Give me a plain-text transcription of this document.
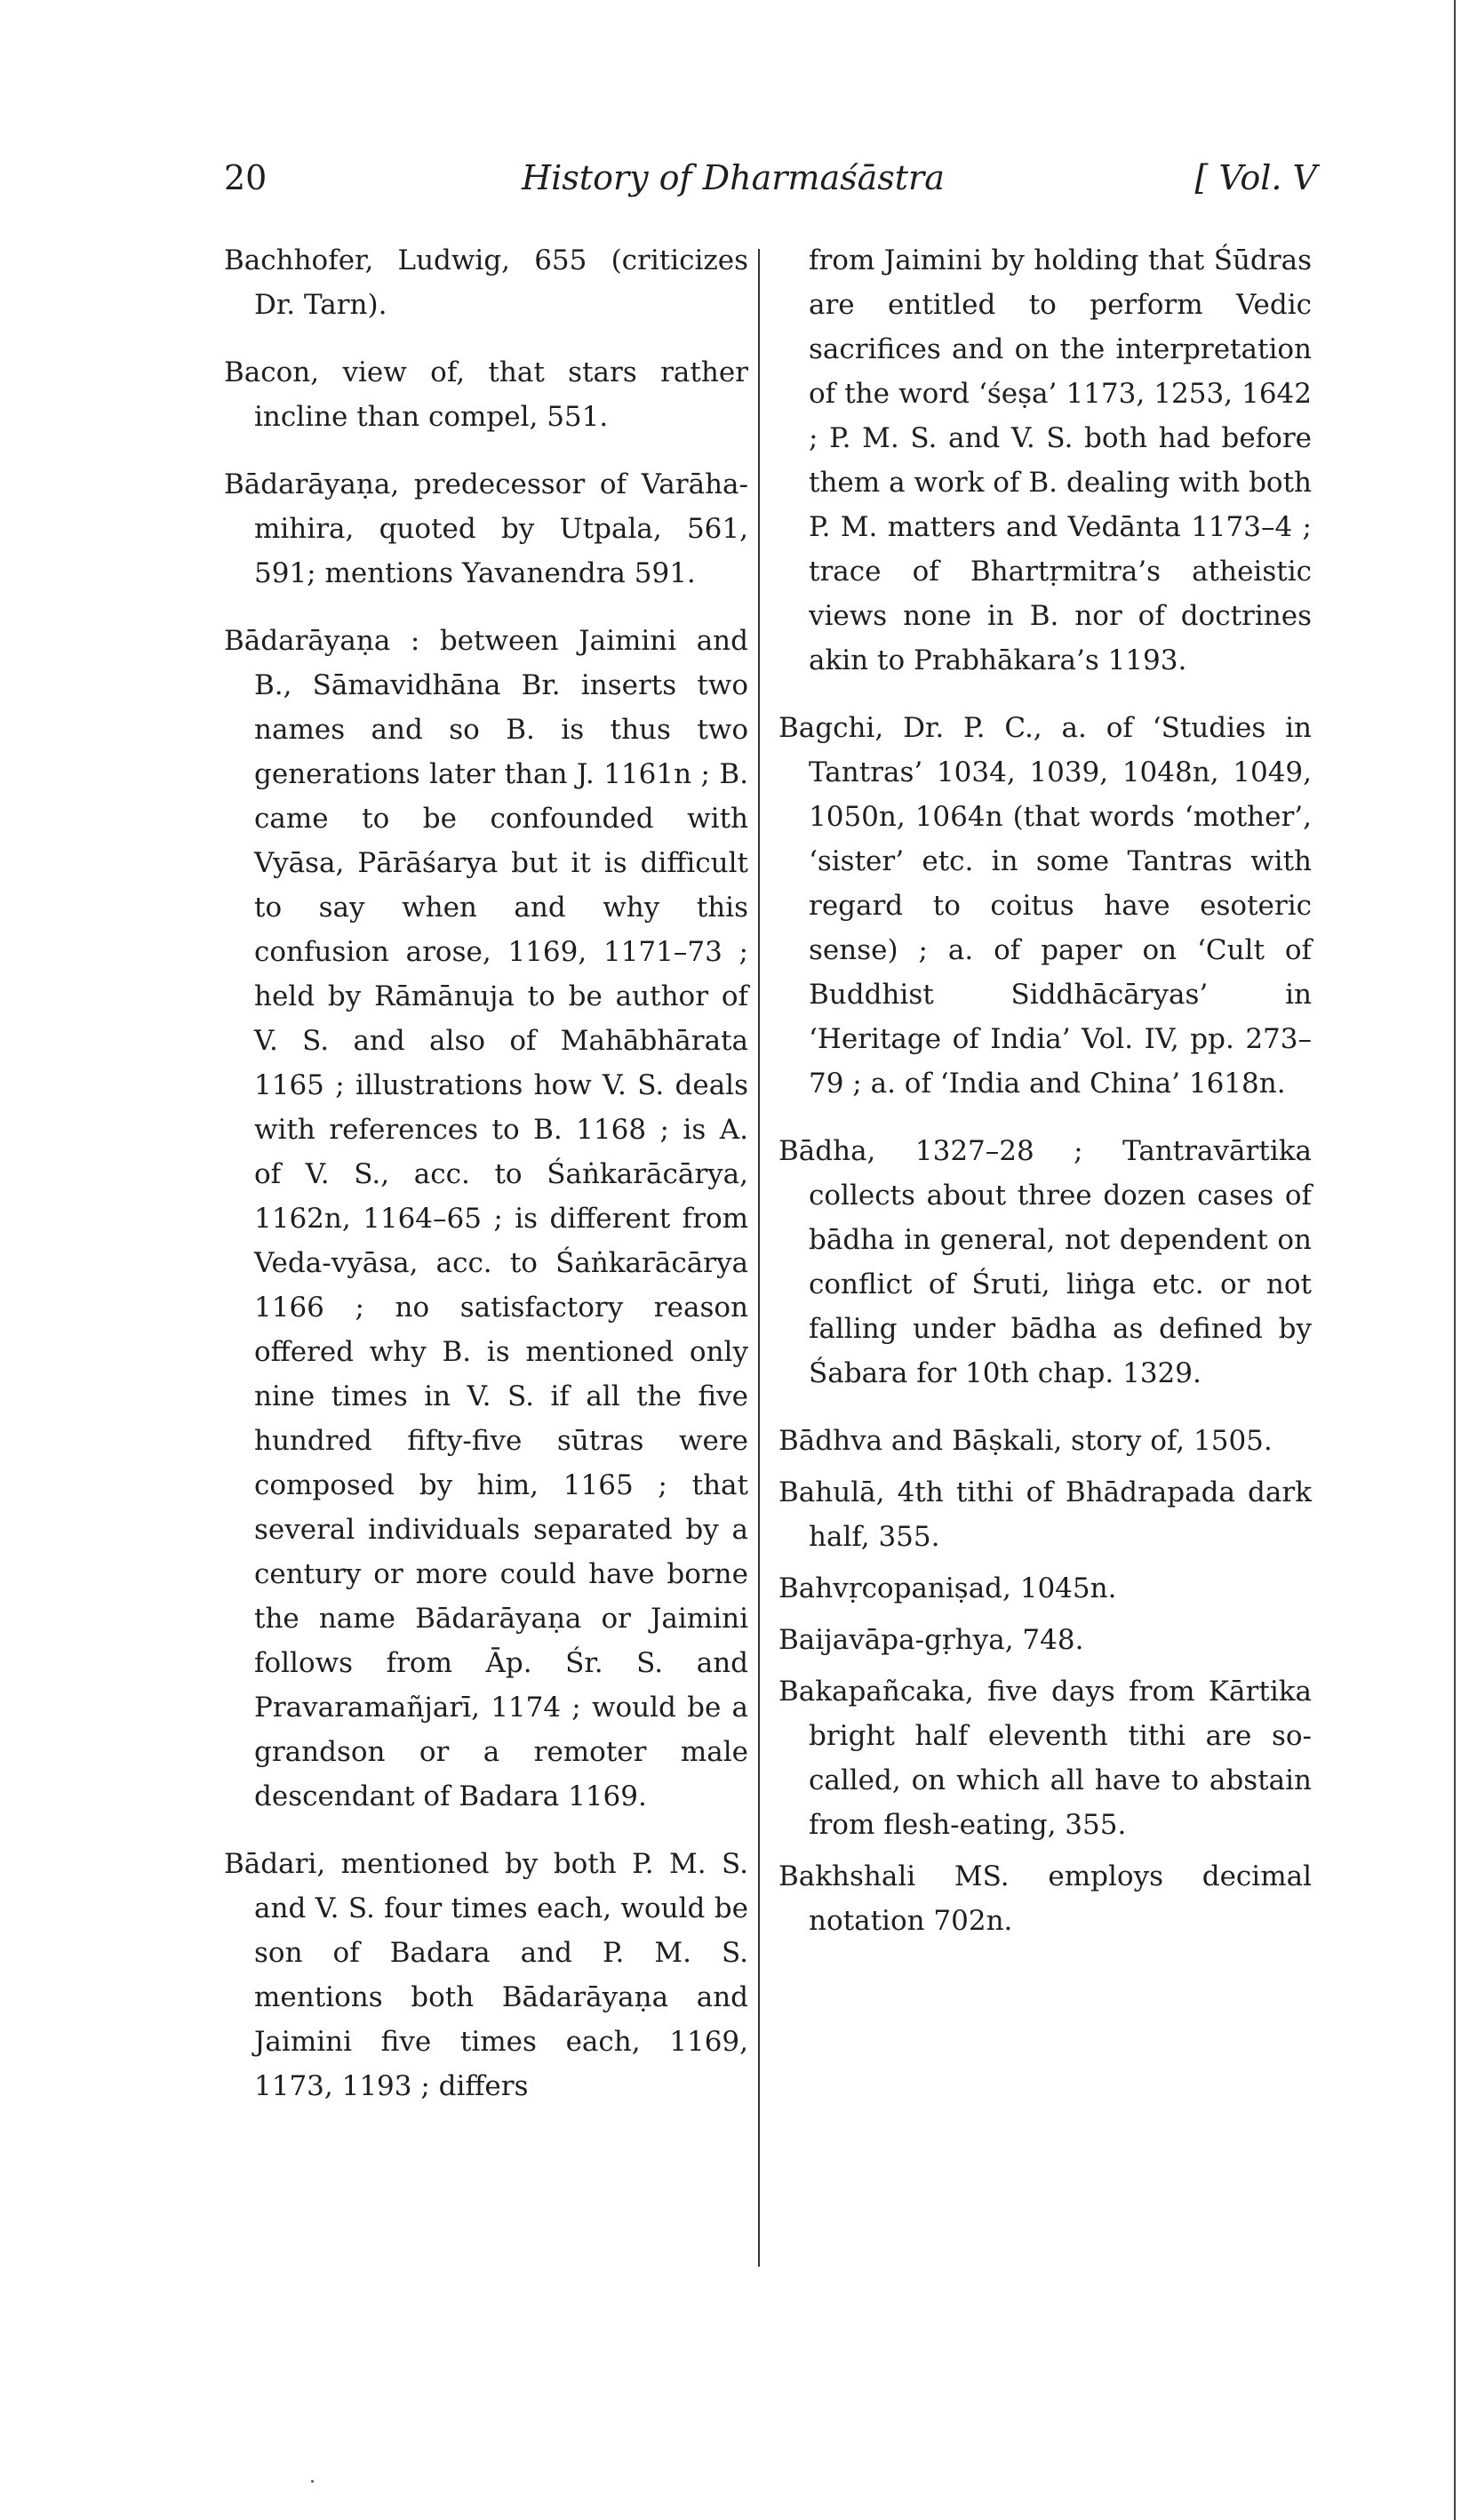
20	History of Dharmaśāstra	[ Vol. V

Bachhofer, Ludwig, 655 (criticizes Dr. Tarn).

Bacon, view of, that stars rather incline than compel, 551.

Bādarāyaṇa, predecessor of Varāha-mihira, quoted by Utpala, 561, 591; mentions Yavanendra 591.

Bādarāyaṇa : between Jaimini and B., Sāmavidhāna Br. inserts two names and so B. is thus two generations later than J. 1161n ; B. came to be confounded with Vyāsa, Pārāśarya but it is difficult to say when and why this confusion arose, 1169, 1171–73 ; held by Rāmānuja to be author of V. S. and also of Mahābhārata 1165 ; illustrations how V. S. deals with references to B. 1168 ; is A. of V. S., acc. to Śaṅkarācārya, 1162n, 1164–65 ; is different from Veda-vyāsa, acc. to Śaṅkarācārya 1166 ; no satisfactory reason offered why B. is mentioned only nine times in V. S. if all the five hundred fifty-five sūtras were composed by him, 1165 ; that several individuals separated by a century or more could have borne the name Bādarāyaṇa or Jaimini follows from Āp. Śr. S. and Pravaramañjarī, 1174 ; would be a grandson or a remoter male descendant of Badara 1169.

Bādari, mentioned by both P. M. S. and V. S. four times each, would be son of Badara and P. M. S. mentions both Bādarāyaṇa and Jaimini five times each, 1169, 1173, 1193 ; differs

from Jaimini by holding that Śūdras are entitled to perform Vedic sacrifices and on the interpretation of the word ‘śeṣa’ 1173, 1253, 1642 ; P. M. S. and V. S. both had before them a work of B. dealing with both P. M. matters and Vedānta 1173–4 ; trace of Bhartṛmitra’s atheistic views none in B. nor of doctrines akin to Prabhākara’s 1193.

Bagchi, Dr. P. C., a. of ‘Studies in Tantras’ 1034, 1039, 1048n, 1049, 1050n, 1064n (that words ‘mother’, ‘sister’ etc. in some Tantras with regard to coitus have esoteric sense) ; a. of paper on ‘Cult of Buddhist Siddhācāryas’ in ‘Heritage of India’ Vol. IV, pp. 273–79 ; a. of ‘India and China’ 1618n.

Bādha, 1327–28 ; Tantravārtika collects about three dozen cases of bādha in general, not dependent on conflict of Śruti, liṅga etc. or not falling under bādha as defined by Śabara for 10th chap. 1329.

Bādhva and Bāṣkali, story of, 1505.

Bahulā, 4th tithi of Bhādrapada dark half, 355.

Bahvṛcopaniṣad, 1045n.

Baijavāpa-gṛhya, 748.

Bakapañcaka, five days from Kārtika bright half eleventh tithi are so-called, on which all have to abstain from flesh-eating, 355.

Bakhshali MS. employs decimal notation 702n.
